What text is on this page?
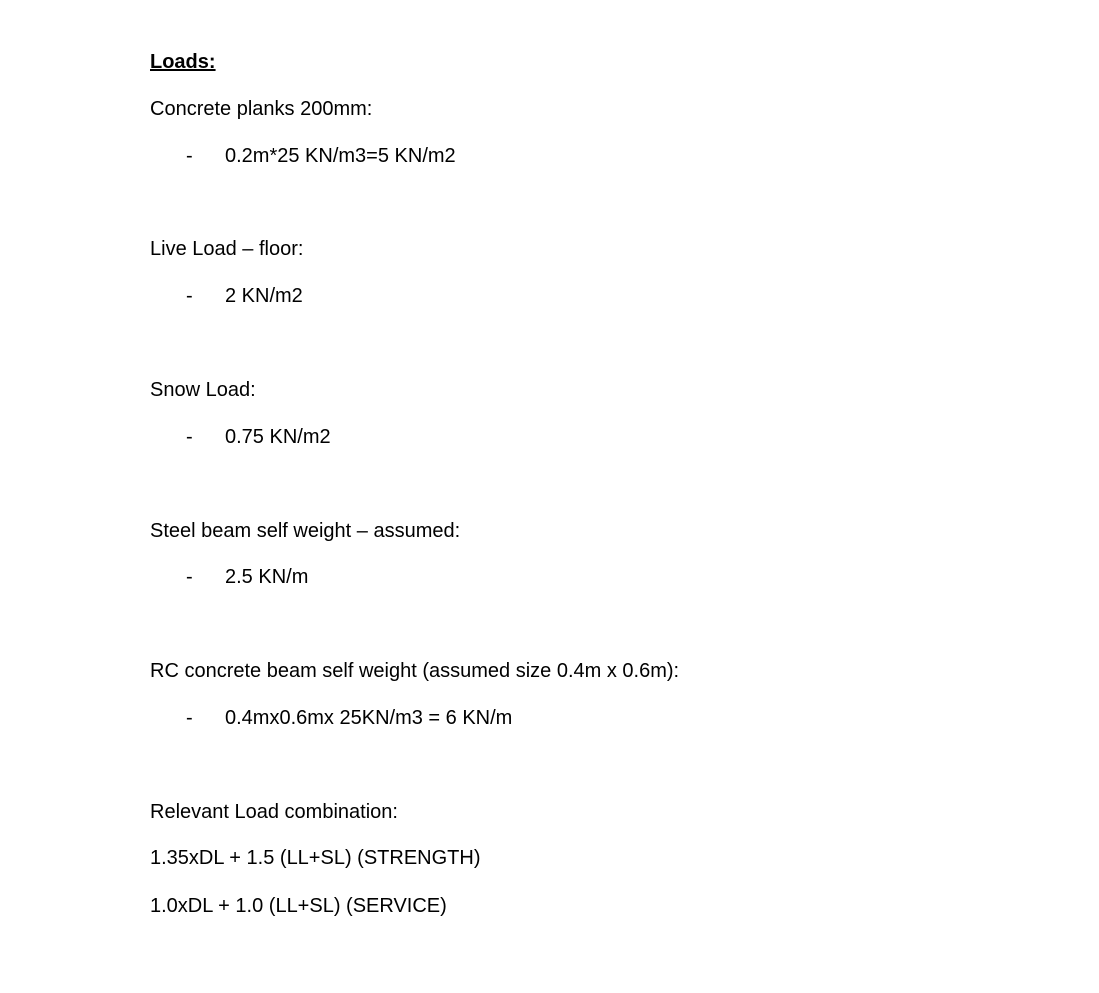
Loads:
Concrete planks 200mm:
- 0.2m*25 KN/m3=5 KN/m2
Live Load – floor:
- 2 KN/m2
Snow Load:
- 0.75 KN/m2
Steel beam self weight – assumed:
- 2.5 KN/m
RC concrete beam self weight (assumed size 0.4m x 0.6m):
- 0.4mx0.6mx 25KN/m3 = 6 KN/m
Relevant Load combination:
1.35xDL + 1.5 (LL+SL) (STRENGTH)
1.0xDL + 1.0 (LL+SL) (SERVICE)
